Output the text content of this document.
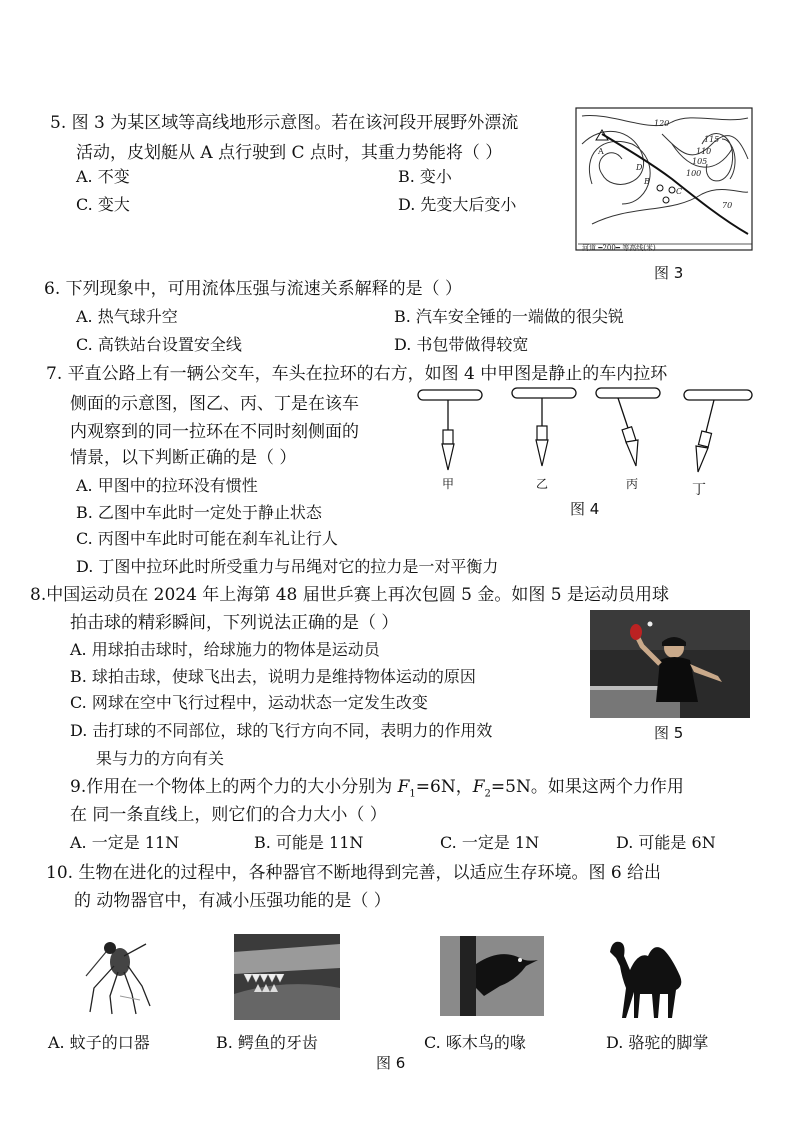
5. 图 3 为某区域等高线地形示意图。若在该河段开展野外漂流
活动，皮划艇从 A 点行驶到 C 点时，其重力势能将（ ）
A. 不变	B. 变小
C. 变大	D. 先变大后变小
120
115
110
105
100
A
B
C
D
70
河道 ━200━ 等高线(米)
图 3
6. 下列现象中，可用流体压强与流速关系解释的是（ ）
A. 热气球升空	B. 汽车安全锤的一端做的很尖锐
C. 高铁站台设置安全线	D. 书包带做得较宽
7. 平直公路上有一辆公交车，车头在拉环的右方，如图 4 中甲图是静止的车内拉环
侧面的示意图，图乙、丙、丁是在该车
内观察到的同一拉环在不同时刻侧面的
情景，以下判断正确的是（ ）
A. 甲图中的拉环没有惯性
B. 乙图中车此时一定处于静止状态
C. 丙图中车此时可能在刹车礼让行人
D. 丁图中拉环此时所受重力与吊绳对它的拉力是一对平衡力
甲	乙	丙	丁
图 4
8.中国运动员在 2024 年上海第 48 届世乒赛上再次包圆 5 金。如图 5 是运动员用球
拍击球的精彩瞬间，下列说法正确的是（ ）
A. 用球拍击球时，给球施力的物体是运动员
B. 球拍击球，使球飞出去，说明力是维持物体运动的原因
C. 网球在空中飞行过程中，运动状态一定发生改变
D. 击打球的不同部位，球的飞行方向不同，表明力的作用效
果与力的方向有关
图 5
9.作用在一个物体上的两个力的大小分别为 $F_1=6N$，$F_2=5N$。如果这两个力作用
在 同一条直线上，则它们的合力大小（ ）
A. 一定是 11N	B. 可能是 11N	C. 一定是 1N	D. 可能是 6N
10. 生物在进化的过程中，各种器官不断地得到完善，以适应生存环境。图 6 给出
的 动物器官中，有减小压强功能的是（ ）
A. 蚊子的口器	B. 鳄鱼的牙齿	C. 啄木鸟的喙	D. 骆驼的脚掌
图 6
